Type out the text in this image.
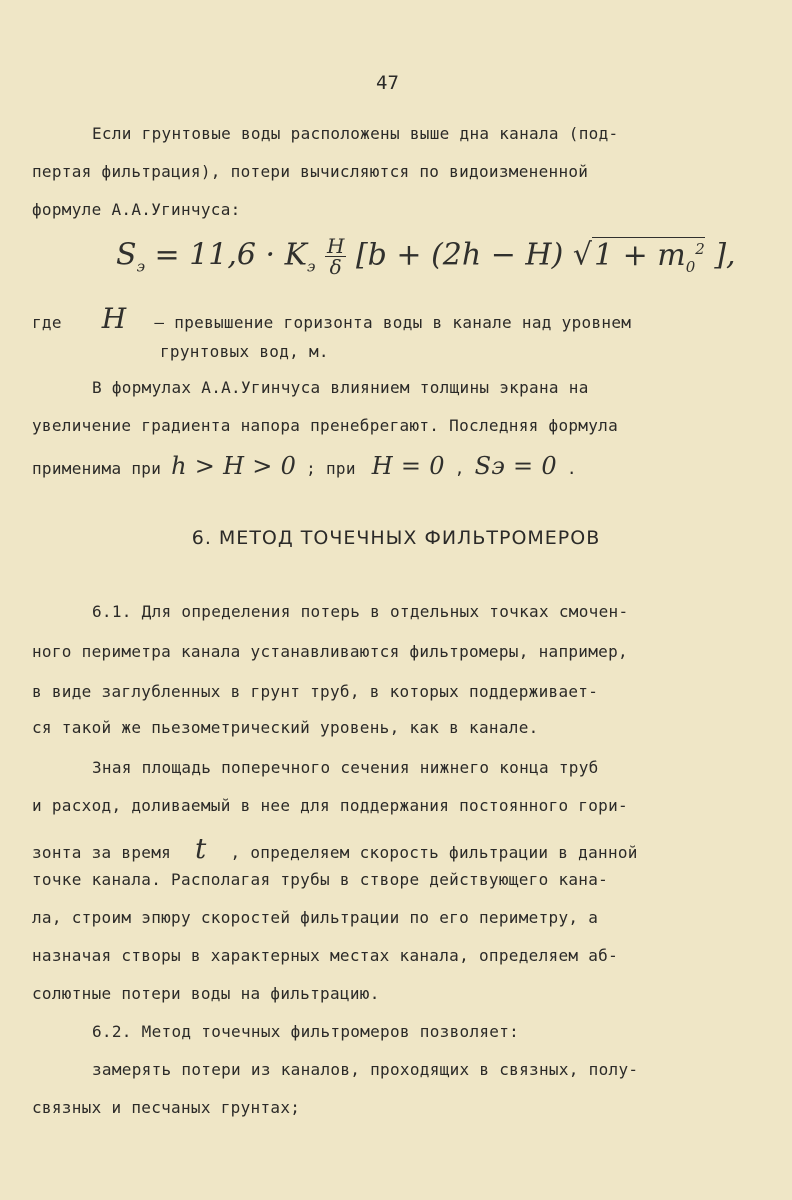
47
Если грунтовые воды расположены выше дна канала (под-
пертая фильтрация), потери вычисляются по видоизмененной
формуле А.А.Угинчуса:
$S_э = 11,6 \cdot K_э \frac{H}{\delta} [b + (2h - H) √1 + m_0^2$ ],
где H – превышение горизонта воды в канале над уровнем
грунтовых вод, м.
В формулах А.А.Угинчуса влиянием толщины экрана на
увеличение градиента напора пренебрегают. Последняя формула
применима при h > H > 0 ; при H = 0 , Sэ = 0 .
6. МЕТОД ТОЧЕЧНЫХ ФИЛЬТРОМЕРОВ
6.1. Для определения потерь в отдельных точках смочен-
ного периметра канала устанавливаются фильтромеры, например,
в виде заглубленных в грунт труб, в которых поддерживает-
ся такой же пьезометрический уровень, как в канале.
Зная площадь поперечного сечения нижнего конца труб
и расход, доливаемый в нее для поддержания постоянного гори-
зонта за время t , определяем скорость фильтрации в данной
точке канала. Располагая трубы в створе действующего кана-
ла, строим эпюру скоростей фильтрации по его периметру, а
назначая створы в характерных местах канала, определяем аб-
солютные потери воды на фильтрацию.
6.2. Метод точечных фильтромеров позволяет:
замерять потери из каналов, проходящих в связных, полу-
связных и песчаных грунтах;
